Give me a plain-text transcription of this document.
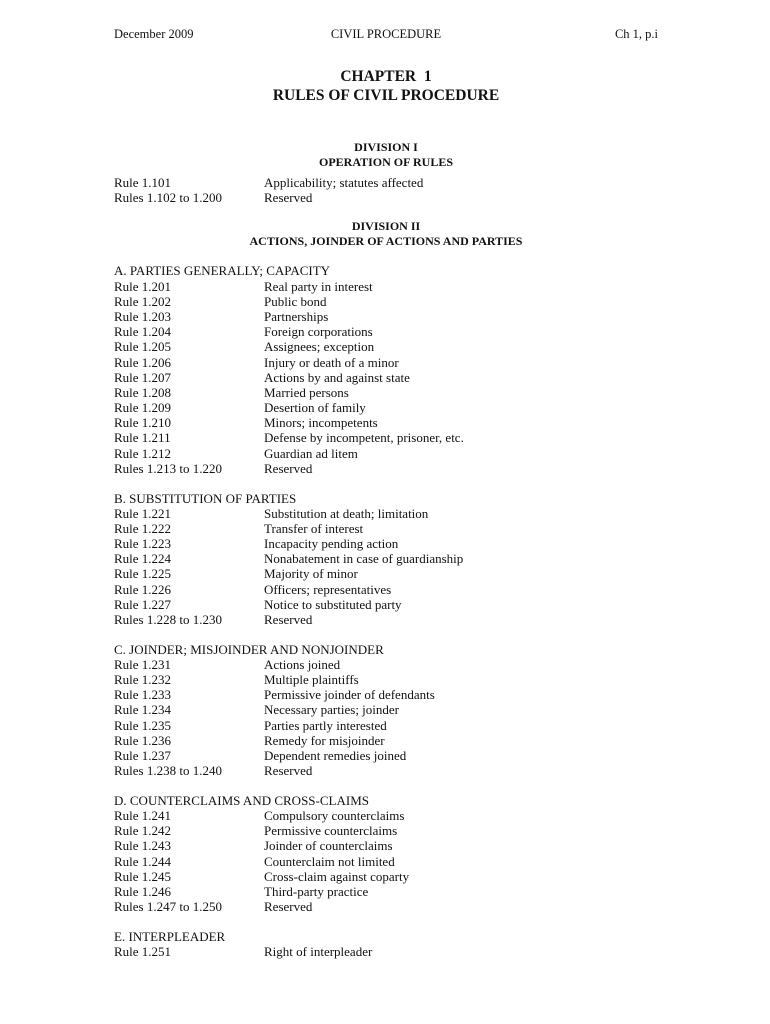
December 2009	CIVIL PROCEDURE	Ch 1, p.i
CHAPTER  1
RULES OF CIVIL PROCEDURE
DIVISION I
OPERATION OF RULES
Rule 1.101	Applicability; statutes affected
Rules 1.102 to 1.200	Reserved
DIVISION II
ACTIONS, JOINDER OF ACTIONS AND PARTIES
A. PARTIES GENERALLY; CAPACITY
Rule 1.201	Real party in interest
Rule 1.202	Public bond
Rule 1.203	Partnerships
Rule 1.204	Foreign corporations
Rule 1.205	Assignees; exception
Rule 1.206	Injury or death of a minor
Rule 1.207	Actions by and against state
Rule 1.208	Married persons
Rule 1.209	Desertion of family
Rule 1.210	Minors; incompetents
Rule 1.211	Defense by incompetent, prisoner, etc.
Rule 1.212	Guardian ad litem
Rules 1.213 to 1.220	Reserved
B. SUBSTITUTION OF PARTIES
Rule 1.221	Substitution at death; limitation
Rule 1.222	Transfer of interest
Rule 1.223	Incapacity pending action
Rule 1.224	Nonabatement in case of guardianship
Rule 1.225	Majority of minor
Rule 1.226	Officers; representatives
Rule 1.227	Notice to substituted party
Rules 1.228 to 1.230	Reserved
C. JOINDER; MISJOINDER AND NONJOINDER
Rule 1.231	Actions joined
Rule 1.232	Multiple plaintiffs
Rule 1.233	Permissive joinder of defendants
Rule 1.234	Necessary parties; joinder
Rule 1.235	Parties partly interested
Rule 1.236	Remedy for misjoinder
Rule 1.237	Dependent remedies joined
Rules 1.238 to 1.240	Reserved
D. COUNTERCLAIMS AND CROSS-CLAIMS
Rule 1.241	Compulsory counterclaims
Rule 1.242	Permissive counterclaims
Rule 1.243	Joinder of counterclaims
Rule 1.244	Counterclaim not limited
Rule 1.245	Cross-claim against coparty
Rule 1.246	Third-party practice
Rules 1.247 to 1.250	Reserved
E. INTERPLEADER
Rule 1.251	Right of interpleader
